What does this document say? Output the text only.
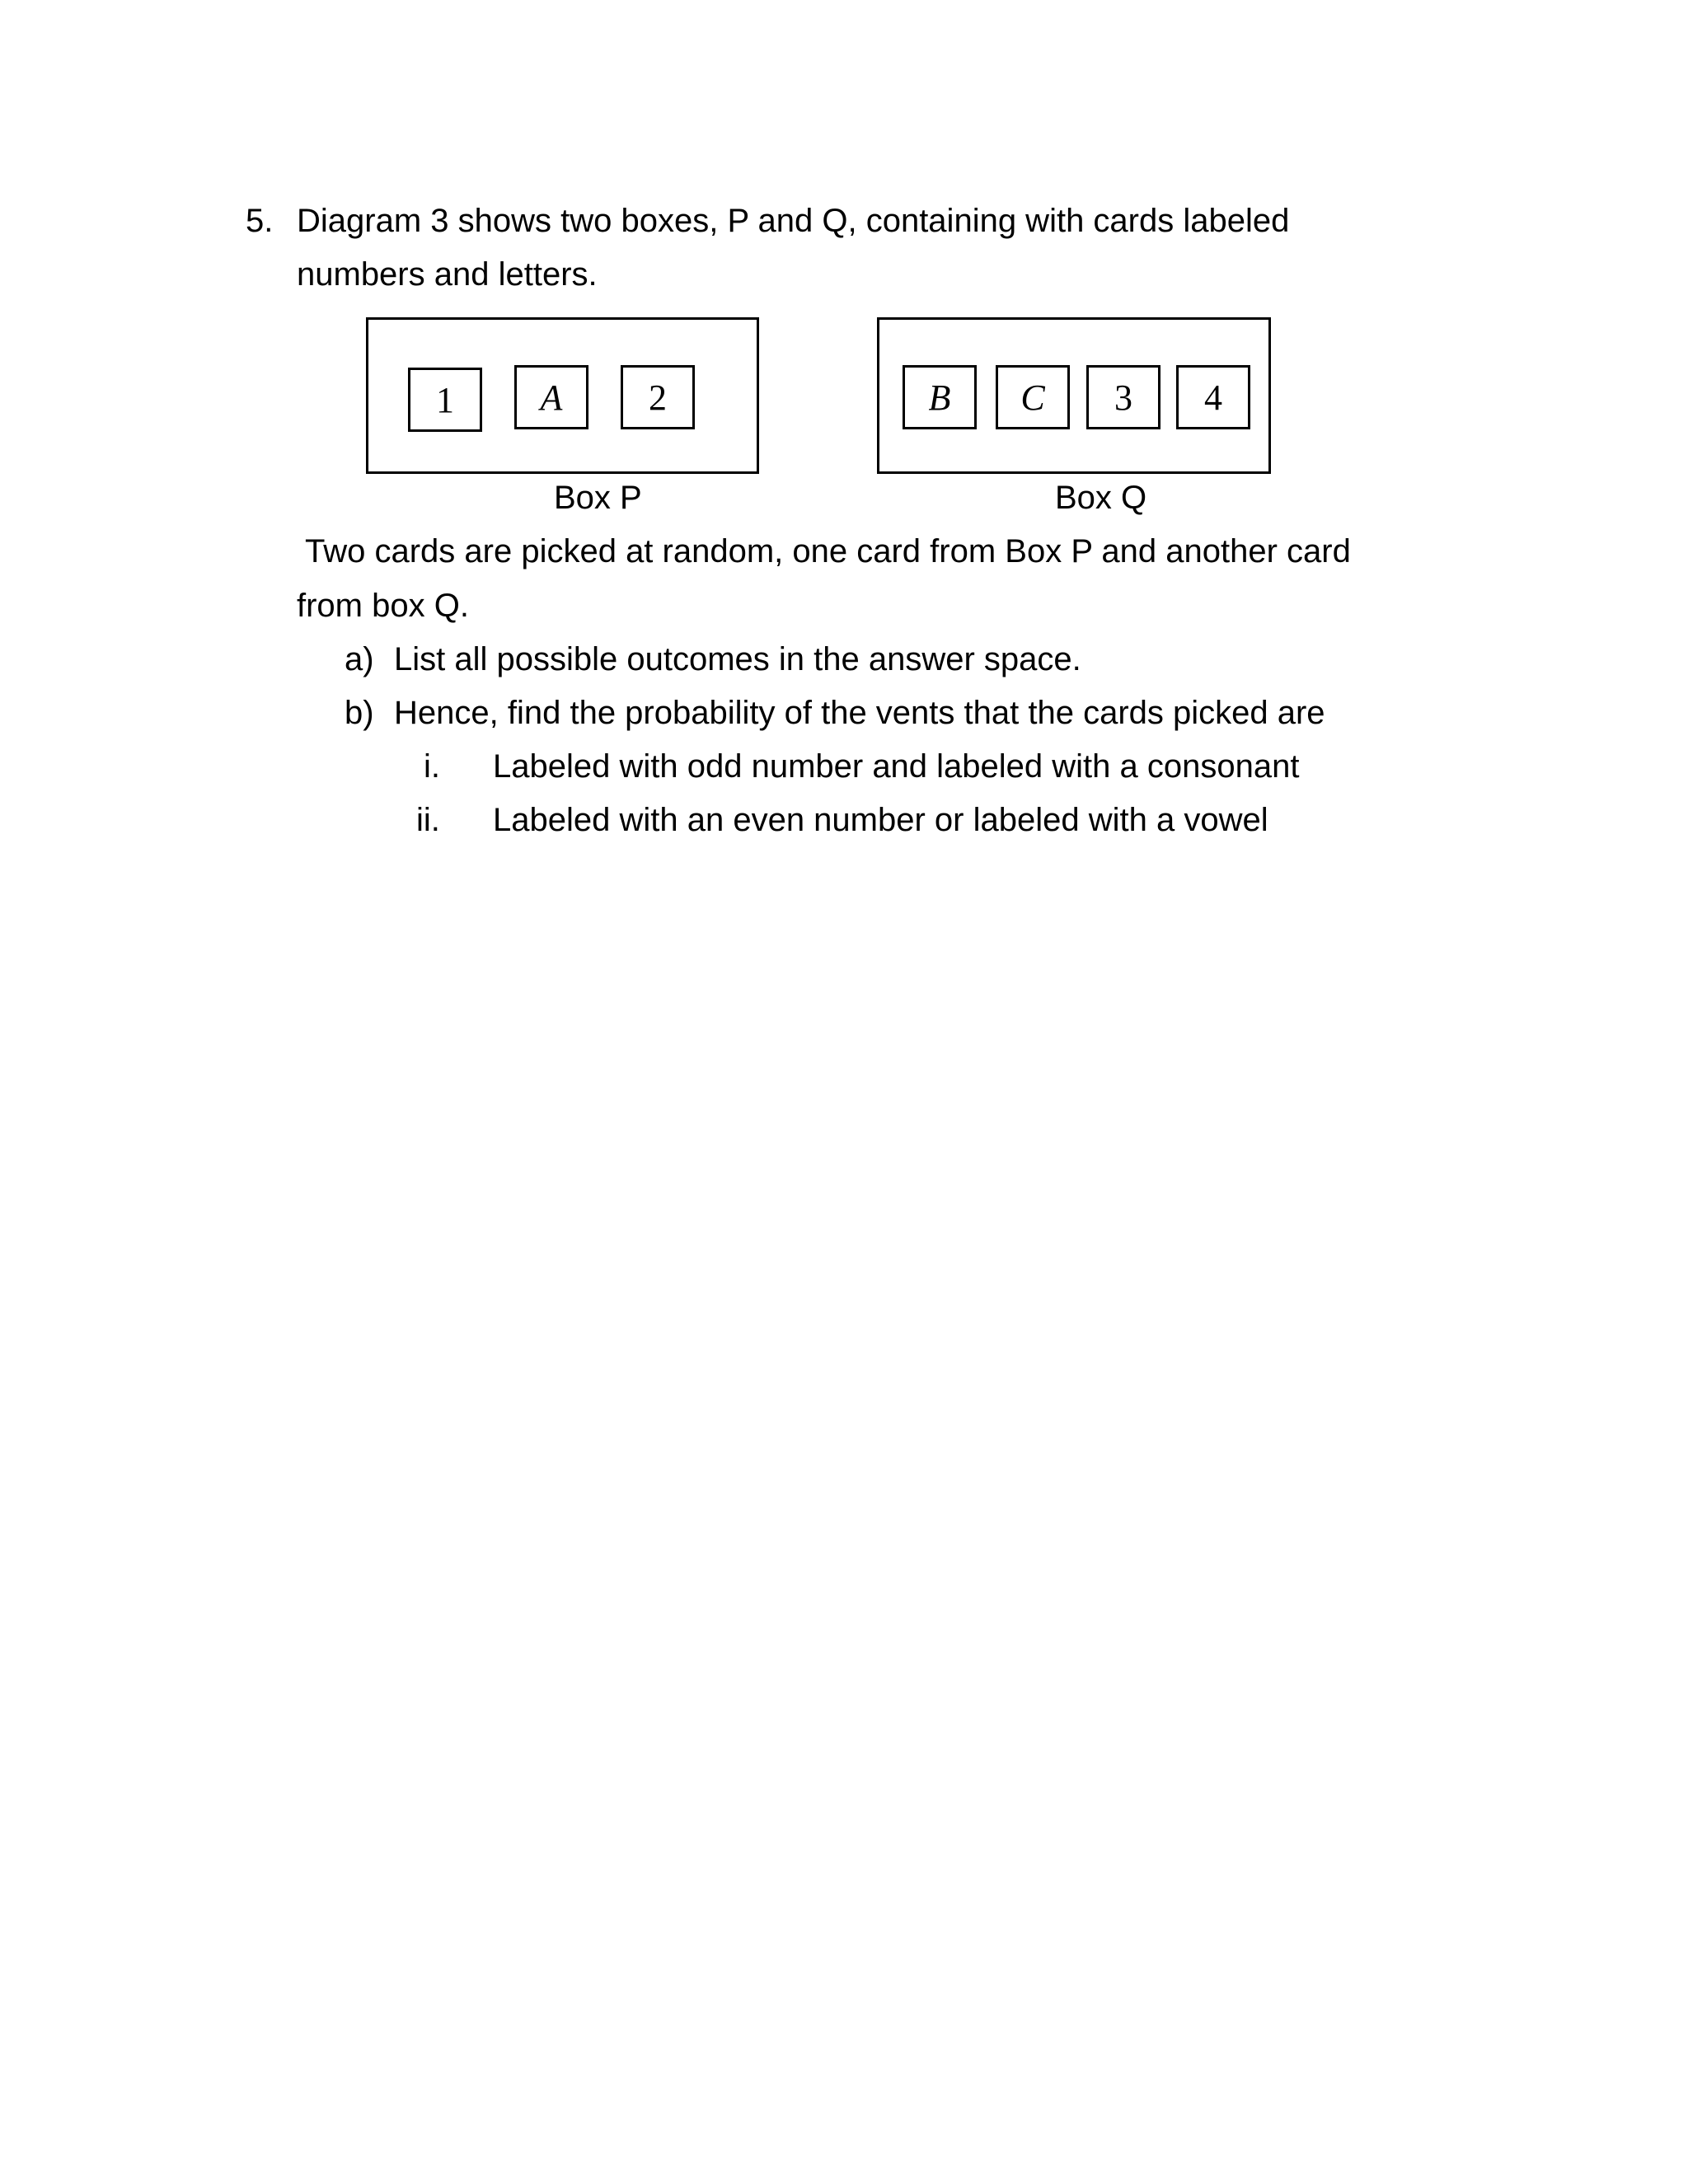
5. Diagram 3 shows two boxes, P and Q, containing with cards labeled
numbers and letters.
1	A	2
Box P
B	C	3	4
Box Q
Two cards are picked at random, one card from Box P and another card
from box Q.
a) List all possible outcomes in the answer space.
b) Hence, find the probability of the vents that the cards picked are
i. Labeled with odd number and labeled with a consonant
ii. Labeled with an even number or labeled with a vowel
